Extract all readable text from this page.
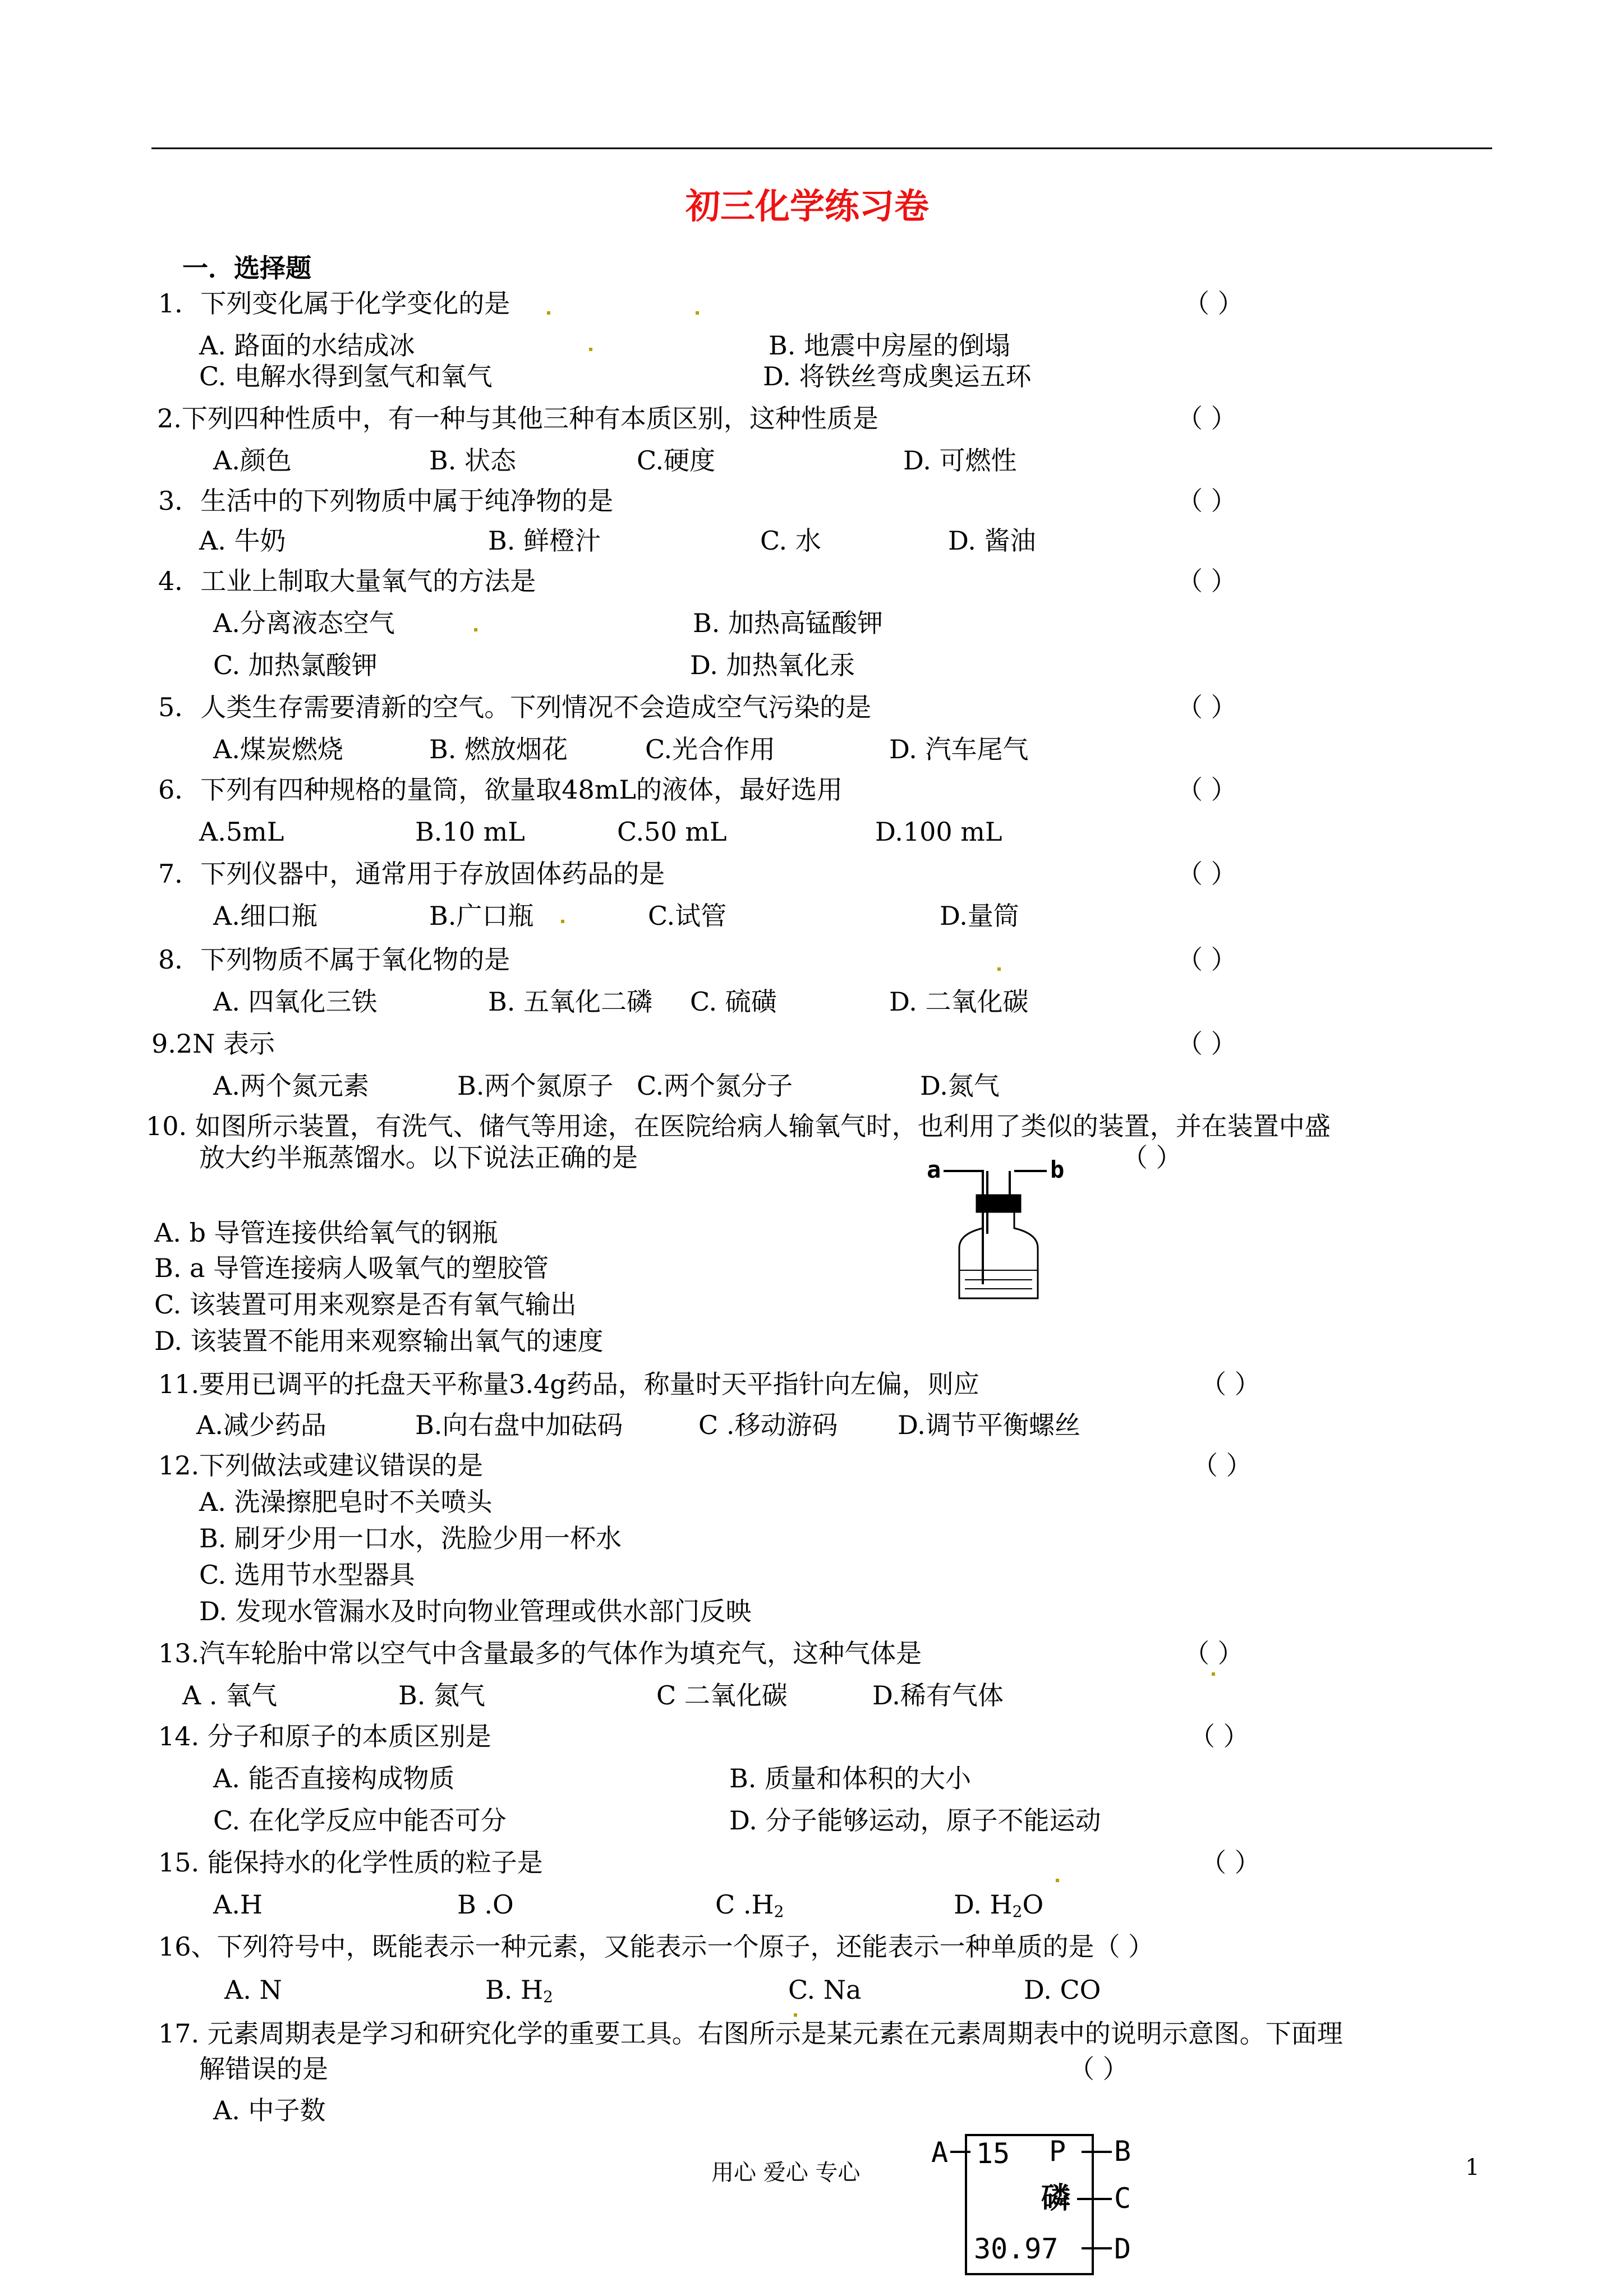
初三化学练习卷
一．选择题
1．下列变化属于化学变化的是	（ ）
A. 路面的水结成冰	B. 地震中房屋的倒塌
C. 电解水得到氢气和氧气	D. 将铁丝弯成奥运五环
2.下列四种性质中，有一种与其他三种有本质区别，这种性质是	（ ）
A.颜色	B. 状态	C.硬度	D. 可燃性
3．生活中的下列物质中属于纯净物的是	（ ）
A. 牛奶	B. 鲜橙汁	C. 水	D. 酱油
4．工业上制取大量氧气的方法是	（ ）
A.分离液态空气	B. 加热高锰酸钾
C. 加热氯酸钾	D. 加热氧化汞
5．人类生存需要清新的空气。下列情况不会造成空气污染的是	（ ）
A.煤炭燃烧	B. 燃放烟花	C.光合作用	D. 汽车尾气
6．下列有四种规格的量筒，欲量取48mL的液体，最好选用	（ ）
A.5mL	B.10 mL	C.50 mL	D.100 mL
7．下列仪器中，通常用于存放固体药品的是	（ ）
A.细口瓶	B.广口瓶	C.试管	D.量筒
8．下列物质不属于氧化物的是	（ ）
A. 四氧化三铁	B. 五氧化二磷 C. 硫磺	D. 二氧化碳
9.2N 表示	（ ）
A.两个氮元素	B.两个氮原子 C.两个氮分子	D.氮气
10. 如图所示装置，有洗气、储气等用途，在医院给病人输氧气时，也利用了类似的装置，并在装置中盛
放大约半瓶蒸馏水。以下说法正确的是	（ ）
A. b 导管连接供给氧气的钢瓶
B. a 导管连接病人吸氧气的塑胶管
C. 该装置可用来观察是否有氧气输出
D. 该装置不能用来观察输出氧气的速度
a	b
11.要用已调平的托盘天平称量3.4g药品，称量时天平指针向左偏，则应	（ ）
A.减少药品	B.向右盘中加砝码	C .移动游码 D.调节平衡螺丝
12.下列做法或建议错误的是	（ ）
A. 洗澡擦肥皂时不关喷头
B. 刷牙少用一口水，洗脸少用一杯水
C. 选用节水型器具
D. 发现水管漏水及时向物业管理或供水部门反映
13.汽车轮胎中常以空气中含量最多的气体作为填充气，这种气体是	（ ）
A . 氧气	B. 氮气	C 二氧化碳	D.稀有气体
14. 分子和原子的本质区别是	（ ）
A. 能否直接构成物质	B. 质量和体积的大小
C. 在化学反应中能否可分	D. 分子能够运动，原子不能运动
15. 能保持水的化学性质的粒子是	（ ）
A.H	B .O	C $.H_2$	D. $H_2O$
16、下列符号中，既能表示一种元素，又能表示一个原子，还能表示一种单质的是（ ）
A. N	B. $H_2$	C. Na	D. CO
17. 元素周期表是学习和研究化学的重要工具。右图所示是某元素在元素周期表中的说明示意图。下面理
解错误的是	（ ）
A. 中子数
A 15 P B
磷 C
30.97 D
用心 爱心 专心	1
